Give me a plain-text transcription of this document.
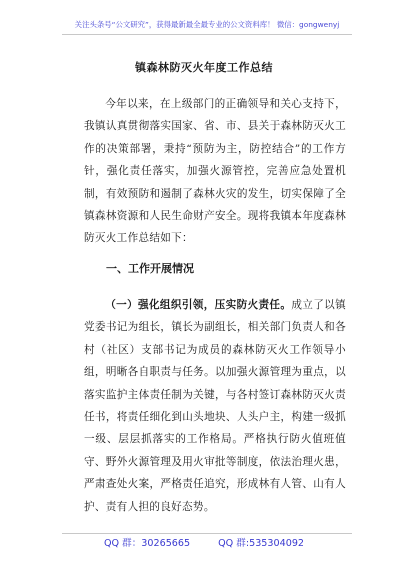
关注头条号“公文研究”，获得最新最全最专业的公文资料库！ 微信：gongwenyj
镇森林防灭火年度工作总结
今年以来，在上级部门的正确领导和关心支持下，我镇认真贯彻落实国家、省、市、县关于森林防灭火工作的决策部署，秉持“预防为主，防控结合”的工作方针，强化责任落实，加强火源管控，完善应急处置机制，有效预防和遏制了森林火灾的发生，切实保障了全镇森林资源和人民生命财产安全。现将我镇本年度森林防灭火工作总结如下：
一、工作开展情况
（一）强化组织引领，压实防火责任。成立了以镇党委书记为组长，镇长为副组长，相关部门负责人和各村（社区）支部书记为成员的森林防灭火工作领导小组，明晰各自职责与任务。以加强火源管理为重点，以落实监护主体责任制为关键，与各村签订森林防灭火责任书，将责任细化到山头地块、人头户主，构建一级抓一级、层层抓落实的工作格局。严格执行防火值班值守、野外火源管理及用火审批等制度，依法治理火患，严肃查处火案，严格责任追究，形成林有人管、山有人护、责有人担的良好态势。
QQ 群：30265665	QQ 群:535304092
